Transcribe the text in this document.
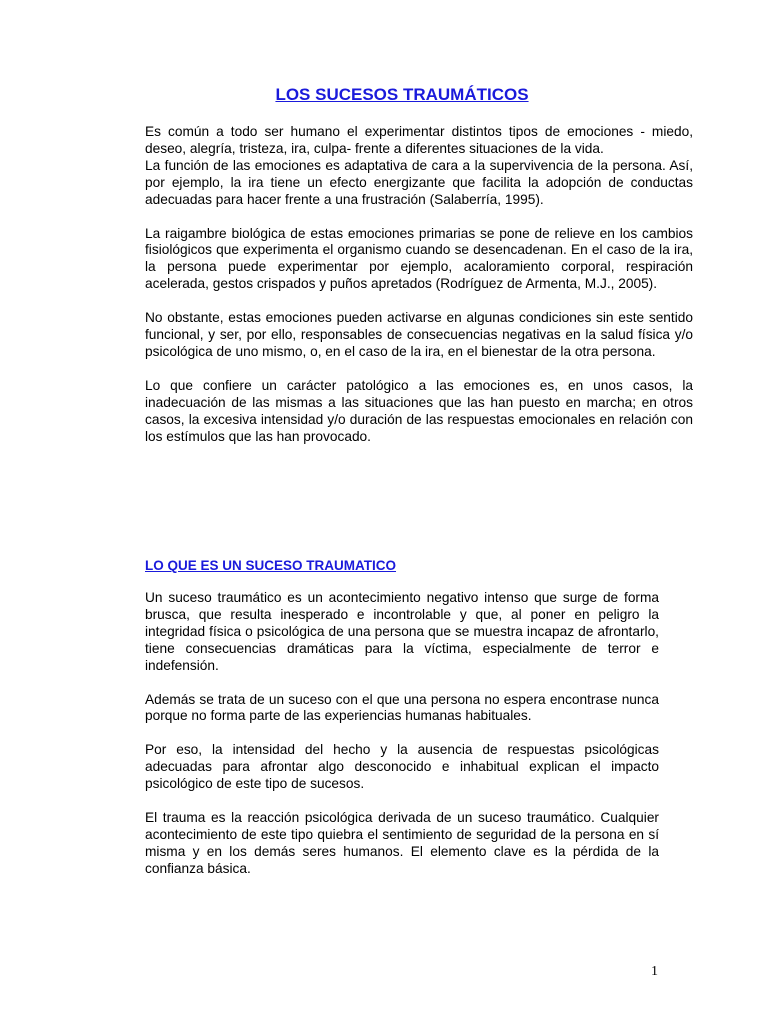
LOS SUCESOS TRAUMÁTICOS

Es común a todo ser humano el experimentar distintos tipos de emociones - miedo, deseo, alegría, tristeza, ira, culpa- frente a diferentes situaciones de la vida.

La función de las emociones es adaptativa de cara a la supervivencia de la persona. Así, por ejemplo, la ira tiene un efecto energizante que facilita la adopción de conductas adecuadas para hacer frente a una frustración (Salaberría, 1995).

La raigambre biológica de estas emociones primarias se pone de relieve en los cambios fisiológicos que experimenta el organismo cuando se desencadenan. En el caso de la ira, la persona puede experimentar por ejemplo, acaloramiento corporal, respiración acelerada, gestos crispados y puños apretados (Rodríguez de Armenta, M.J., 2005).

No obstante, estas emociones pueden activarse en algunas condiciones sin este sentido funcional, y ser, por ello, responsables de consecuencias negativas en la salud física y/o psicológica de uno mismo, o, en el caso de la ira, en el bienestar de la otra persona.

Lo que confiere un carácter patológico a las emociones es, en unos casos, la inadecuación de las mismas a las situaciones que las han puesto en marcha; en otros casos, la excesiva intensidad y/o duración de las respuestas emocionales en relación con los estímulos que las han provocado.

LO QUE ES UN SUCESO TRAUMATICO

Un suceso traumático es un acontecimiento negativo intenso que surge de forma brusca, que resulta inesperado e incontrolable y que, al poner en peligro la integridad física o psicológica de una persona que se muestra incapaz de afrontarlo, tiene consecuencias dramáticas para la víctima, especialmente de terror e indefensión.

Además se trata de un suceso con el que una persona no espera encontrase nunca porque no forma parte de las experiencias humanas habituales.

Por eso, la intensidad del hecho y la ausencia de respuestas psicológicas adecuadas para afrontar algo desconocido e inhabitual explican el impacto psicológico de este tipo de sucesos.

El trauma es la reacción psicológica derivada de un suceso traumático. Cualquier acontecimiento de este tipo quiebra el sentimiento de seguridad de la persona en sí misma y en los demás seres humanos. El elemento clave es la pérdida de la confianza básica.

1
